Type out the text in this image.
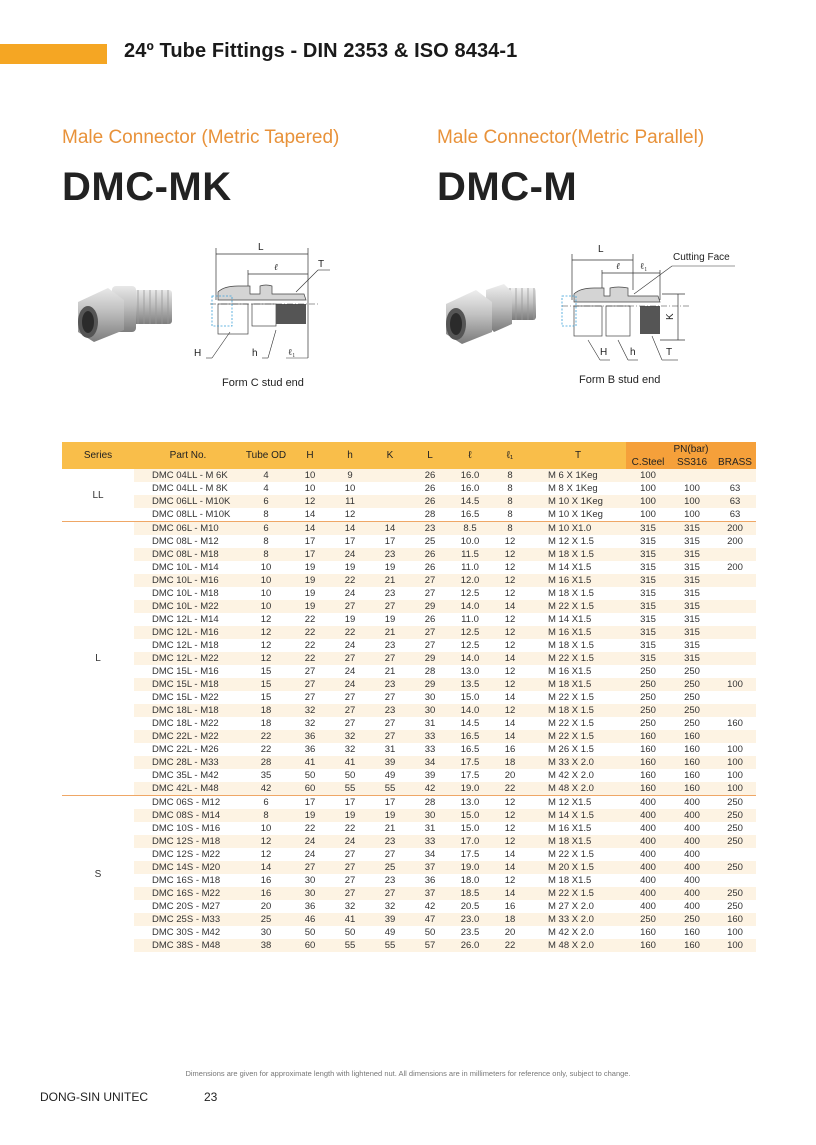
24º Tube Fittings - DIN 2353 & ISO 8434-1
Male Connector (Metric Tapered)
DMC-MK
L
ℓ	T
H	h	ℓ₁
Form C stud end
Male Connector(Metric Parallel)
DMC-M
L
ℓ ℓ₁
Cutting Face
K
H h	T
Form B stud end
Series	Part No.	Tube OD	H	h	K	L	ℓ	ℓ₁	T	PN(bar)		
										C.Steel	SS316	BRASS
LL	DMC 04LL - M 6K	4	10	9		26	16.0	8	M 6 X 1Keg	100		
	DMC 04LL - M 8K	4	10	10		26	16.0	8	M 8 X 1Keg	100	100	63
	DMC 06LL - M10K	6	12	11		26	14.5	8	M 10 X 1Keg	100	100	63
	DMC 08LL - M10K	8	14	12		28	16.5	8	M 10 X 1Keg	100	100	63
L	DMC 06L - M10	6	14	14	14	23	8.5	8	M 10 X1.0	315	315	200
	DMC 08L - M12	8	17	17	17	25	10.0	12	M 12 X 1.5	315	315	200
	DMC 08L - M18	8	17	24	23	26	11.5	12	M 18 X 1.5	315	315	
	DMC 10L - M14	10	19	19	19	26	11.0	12	M 14 X1.5	315	315	200
	DMC 10L - M16	10	19	22	21	27	12.0	12	M 16 X1.5	315	315	
	DMC 10L - M18	10	19	24	23	27	12.5	12	M 18 X 1.5	315	315	
	DMC 10L - M22	10	19	27	27	29	14.0	14	M 22 X 1.5	315	315	
	DMC 12L - M14	12	22	19	19	26	11.0	12	M 14 X1.5	315	315	
	DMC 12L - M16	12	22	22	21	27	12.5	12	M 16 X1.5	315	315	
	DMC 12L - M18	12	22	24	23	27	12.5	12	M 18 X 1.5	315	315	
	DMC 12L - M22	12	22	27	27	29	14.0	14	M 22 X 1.5	315	315	
	DMC 15L - M16	15	27	24	21	28	13.0	12	M 16 X1.5	250	250	
	DMC 15L - M18	15	27	24	23	29	13.5	12	M 18 X1.5	250	250	100
	DMC 15L - M22	15	27	27	27	30	15.0	14	M 22 X 1.5	250	250	
	DMC 18L - M18	18	32	27	23	30	14.0	12	M 18 X 1.5	250	250	
	DMC 18L - M22	18	32	27	27	31	14.5	14	M 22 X 1.5	250	250	160
	DMC 22L - M22	22	36	32	27	33	16.5	14	M 22 X 1.5	160	160	
	DMC 22L - M26	22	36	32	31	33	16.5	16	M 26 X 1.5	160	160	100
	DMC 28L - M33	28	41	41	39	34	17.5	18	M 33 X 2.0	160	160	100
	DMC 35L - M42	35	50	50	49	39	17.5	20	M 42 X 2.0	160	160	100
	DMC 42L - M48	42	60	55	55	42	19.0	22	M 48 X 2.0	160	160	100
S	DMC 06S - M12	6	17	17	17	28	13.0	12	M 12 X1.5	400	400	250
	DMC 08S - M14	8	19	19	19	30	15.0	12	M 14 X 1.5	400	400	250
	DMC 10S - M16	10	22	22	21	31	15.0	12	M 16 X1.5	400	400	250
	DMC 12S - M18	12	24	24	23	33	17.0	12	M 18 X1.5	400	400	250
	DMC 12S - M22	12	24	27	27	34	17.5	14	M 22 X 1.5	400	400	
	DMC 14S - M20	14	27	27	25	37	19.0	14	M 20 X 1.5	400	400	250
	DMC 16S - M18	16	30	27	23	36	18.0	12	M 18 X1.5	400	400	
	DMC 16S - M22	16	30	27	27	37	18.5	14	M 22 X 1.5	400	400	250
	DMC 20S - M27	20	36	32	32	42	20.5	16	M 27 X 2.0	400	400	250
	DMC 25S - M33	25	46	41	39	47	23.0	18	M 33 X 2.0	250	250	160
	DMC 30S - M42	30	50	50	49	50	23.5	20	M 42 X 2.0	160	160	100
	DMC 38S - M48	38	60	55	55	57	26.0	22	M 48 X 2.0	160	160	100
Dimensions are given for approximate length with lightened nut. All dimensions are in millimeters for reference only, subject to change.
DONG-SIN UNITEC	23
